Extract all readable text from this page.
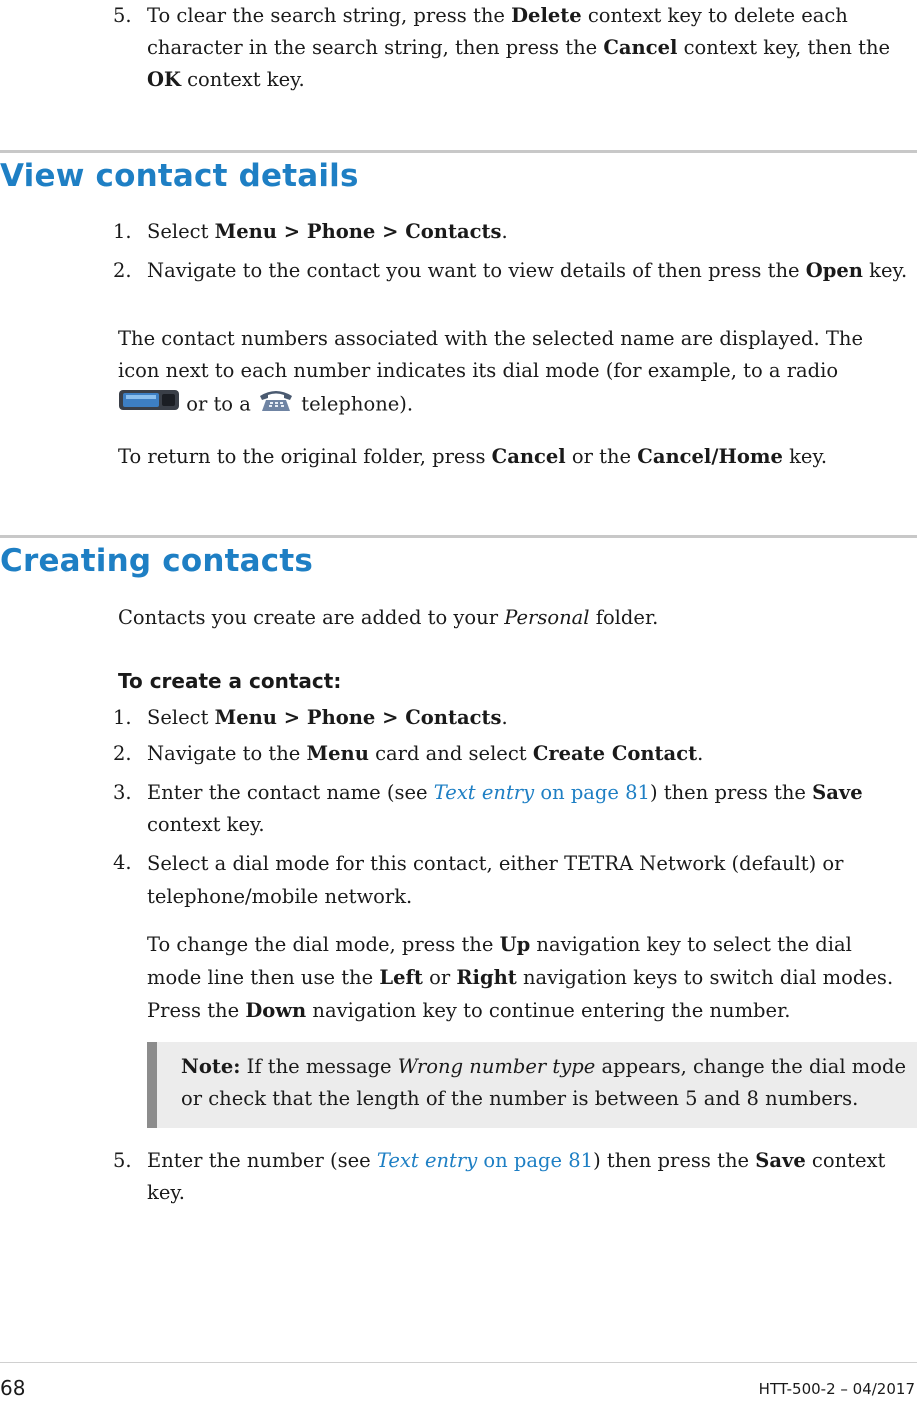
5. To clear the search string, press the Delete context key to delete each character in the search string, then press the Cancel context key, then the OK context key.
View contact details
1. Select Menu > Phone > Contacts.
2. Navigate to the contact you want to view details of then press the Open key.
The contact numbers associated with the selected name are displayed. The icon next to each number indicates its dial mode (for example, to a radio  or to a  telephone).
To return to the original folder, press Cancel or the Cancel/Home key.
Creating contacts
Contacts you create are added to your Personal folder.
To create a contact:
1. Select Menu > Phone > Contacts.
2. Navigate to the Menu card and select Create Contact.
3. Enter the contact name (see Text entry on page 81) then press the Save context key.
4. Select a dial mode for this contact, either TETRA Network (default) or telephone/mobile network.
To change the dial mode, press the Up navigation key to select the dial mode line then use the Left or Right navigation keys to switch dial modes. Press the Down navigation key to continue entering the number.
Note: If the message Wrong number type appears, change the dial mode or check that the length of the number is between 5 and 8 numbers.
5. Enter the number (see Text entry on page 81) then press the Save context key.
68	HTT-500-2 – 04/2017
